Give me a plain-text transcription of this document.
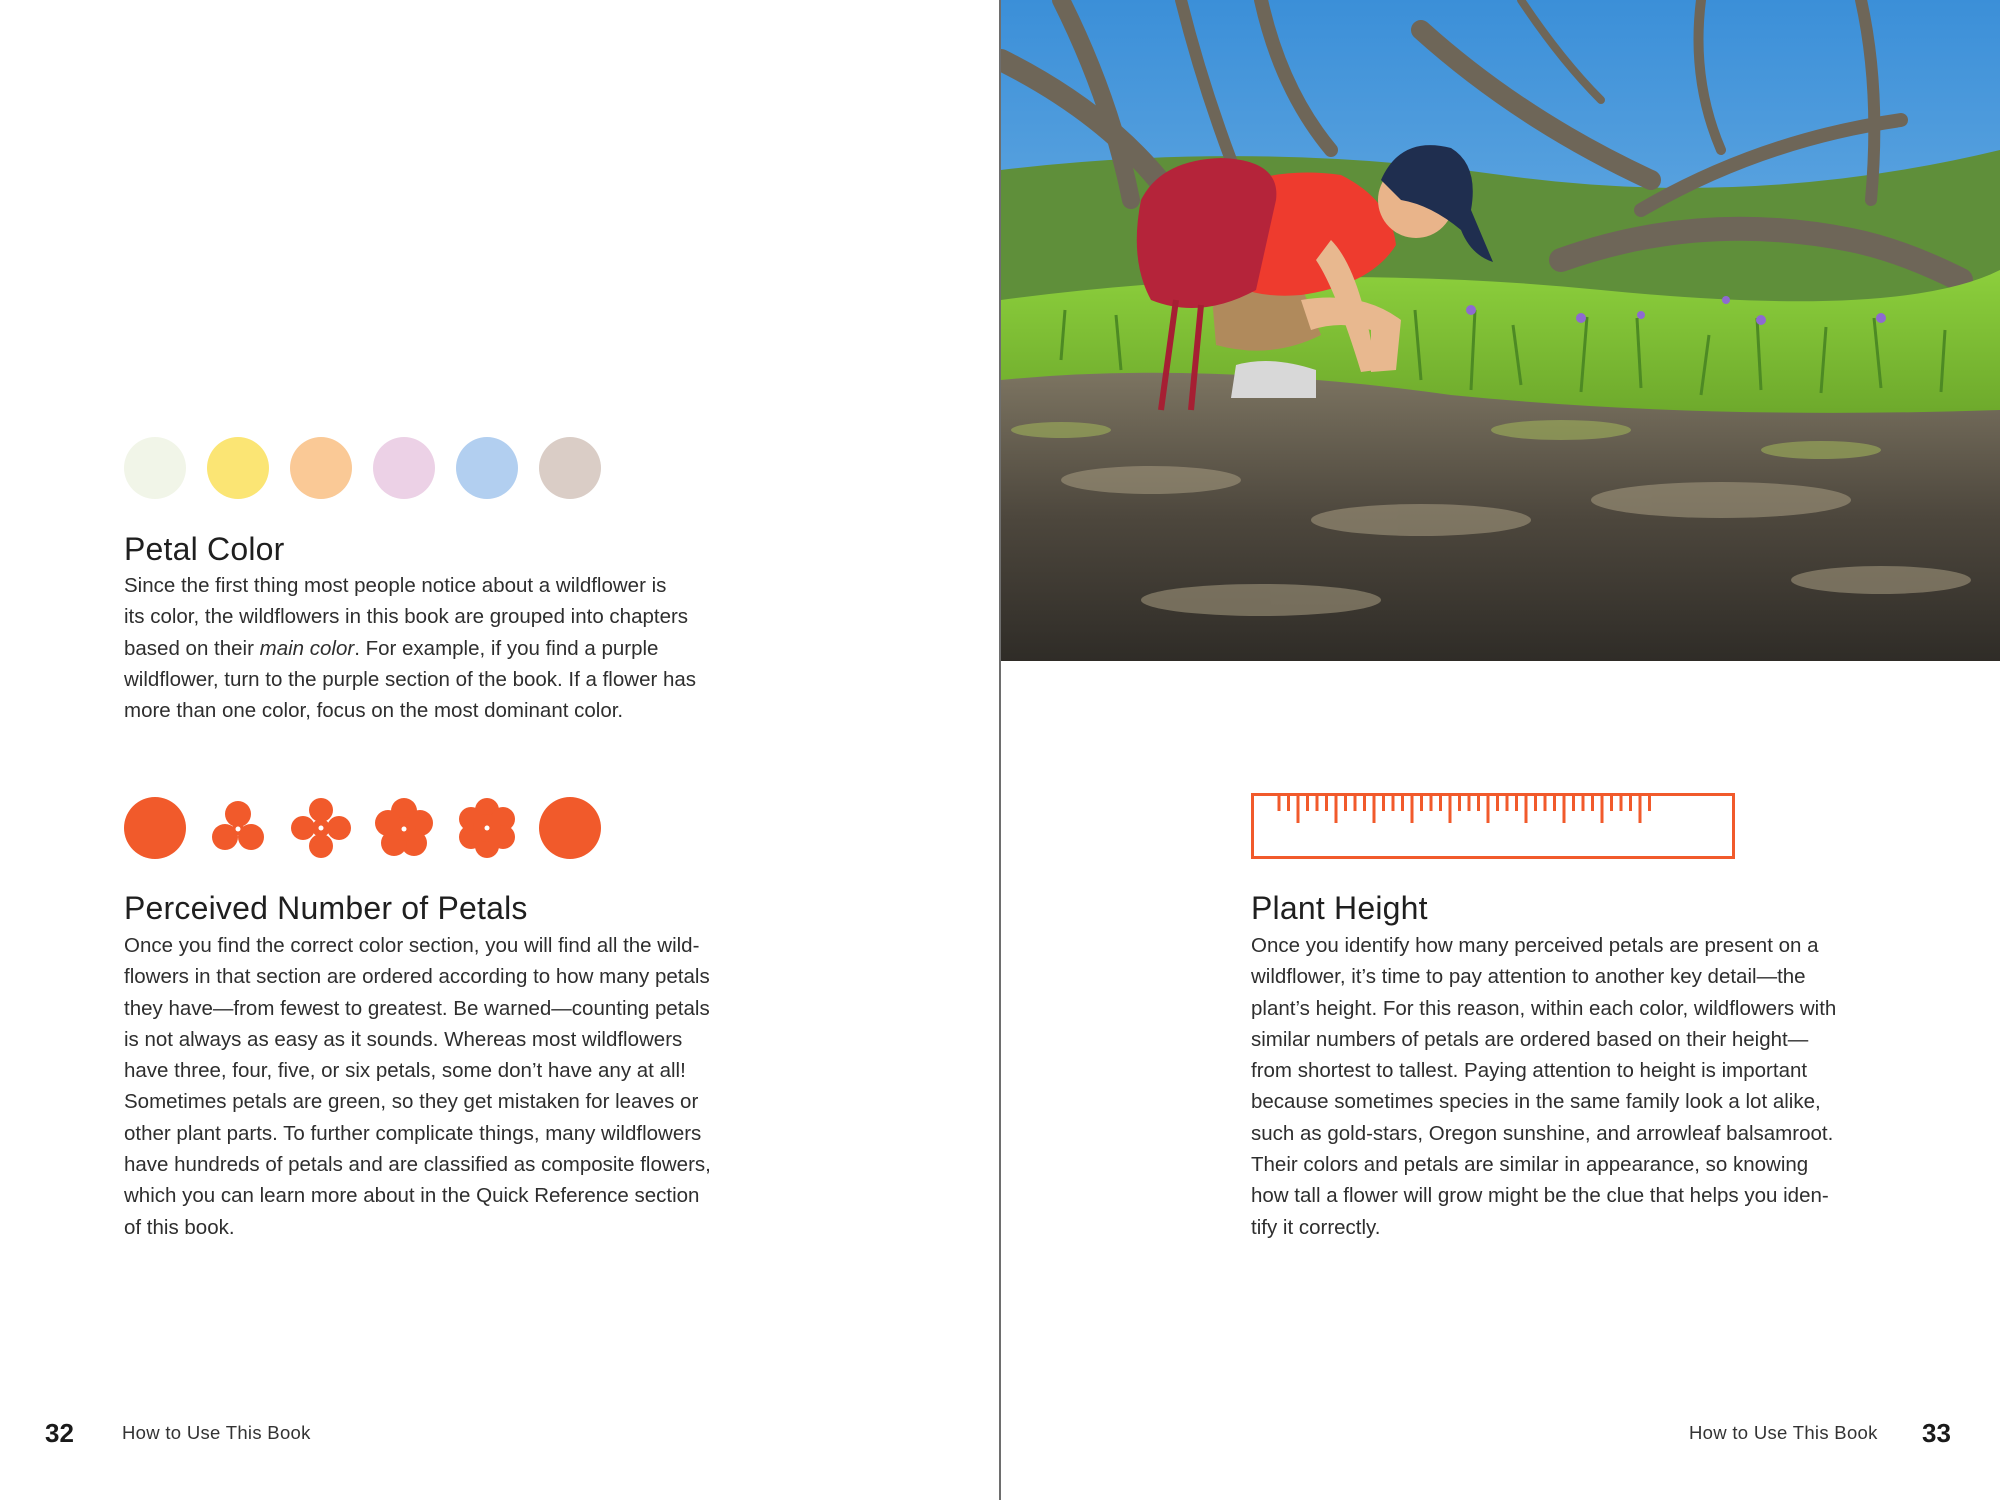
Petal Color

Since the first thing most people notice about a wildflower is
its color, the wildflowers in this book are grouped into chapters
based on their main color. For example, if you find a purple
wildflower, turn to the purple section of the book. If a flower has
more than one color, focus on the most dominant color.

Perceived Number of Petals

Once you find the correct color section, you will find all the wild-
flowers in that section are ordered according to how many petals
they have—from fewest to greatest. Be warned—counting petals
is not always as easy as it sounds. Whereas most wildflowers
have three, four, five, or six petals, some don’t have any at all!
Sometimes petals are green, so they get mistaken for leaves or
other plant parts. To further complicate things, many wildflowers
have hundreds of petals and are classified as composite flowers,
which you can learn more about in the Quick Reference section
of this book.

32	How to Use This Book
Plant Height

Once you identify how many perceived petals are present on a
wildflower, it’s time to pay attention to another key detail—the
plant’s height. For this reason, within each color, wildflowers with
similar numbers of petals are ordered based on their height—
from shortest to tallest. Paying attention to height is important
because sometimes species in the same family look a lot alike,
such as gold-stars, Oregon sunshine, and arrowleaf balsamroot.
Their colors and petals are similar in appearance, so knowing
how tall a flower will grow might be the clue that helps you iden-
tify it correctly.

How to Use This Book 33
